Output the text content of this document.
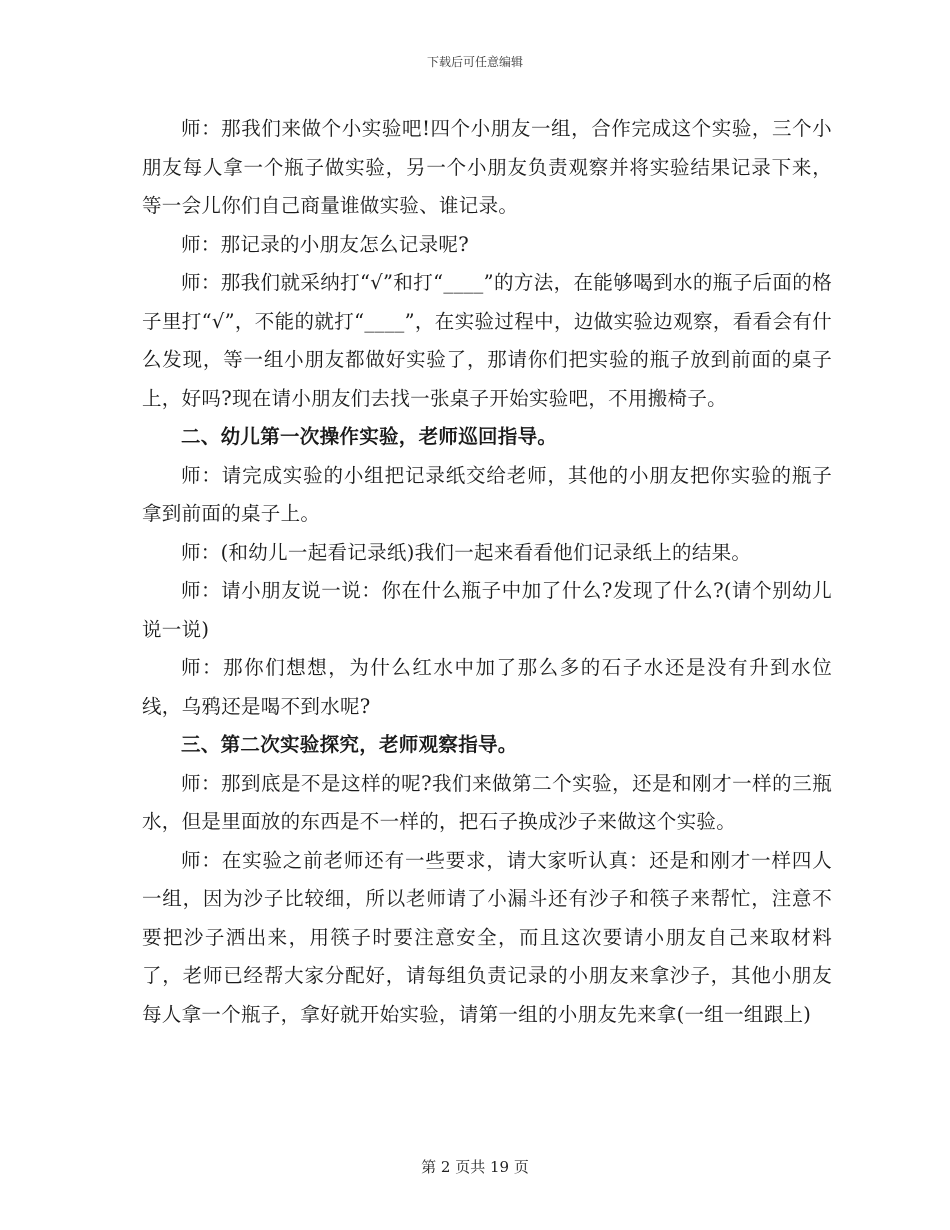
下载后可任意编辑

师：那我们来做个小实验吧!四个小朋友一组，合作完成这个实验，三个小朋友每人拿一个瓶子做实验，另一个小朋友负责观察并将实验结果记录下来，等一会儿你们自己商量谁做实验、谁记录。

师：那记录的小朋友怎么记录呢?

师：那我们就采纳打“√”和打“____”的方法，在能够喝到水的瓶子后面的格子里打“√”，不能的就打“____”，在实验过程中，边做实验边观察，看看会有什么发现，等一组小朋友都做好实验了，那请你们把实验的瓶子放到前面的桌子上，好吗?现在请小朋友们去找一张桌子开始实验吧，不用搬椅子。

二、幼儿第一次操作实验，老师巡回指导。

师：请完成实验的小组把记录纸交给老师，其他的小朋友把你实验的瓶子拿到前面的桌子上。

师：(和幼儿一起看记录纸)我们一起来看看他们记录纸上的结果。

师：请小朋友说一说：你在什么瓶子中加了什么?发现了什么?(请个别幼儿说一说)

师：那你们想想，为什么红水中加了那么多的石子水还是没有升到水位线，乌鸦还是喝不到水呢?

三、第二次实验探究，老师观察指导。

师：那到底是不是这样的呢?我们来做第二个实验，还是和刚才一样的三瓶水，但是里面放的东西是不一样的，把石子换成沙子来做这个实验。

师：在实验之前老师还有一些要求，请大家听认真：还是和刚才一样四人一组，因为沙子比较细，所以老师请了小漏斗还有沙子和筷子来帮忙，注意不要把沙子洒出来，用筷子时要注意安全，而且这次要请小朋友自己来取材料了，老师已经帮大家分配好，请每组负责记录的小朋友来拿沙子，其他小朋友每人拿一个瓶子，拿好就开始实验，请第一组的小朋友先来拿(一组一组跟上)

第 2 页共 19 页
